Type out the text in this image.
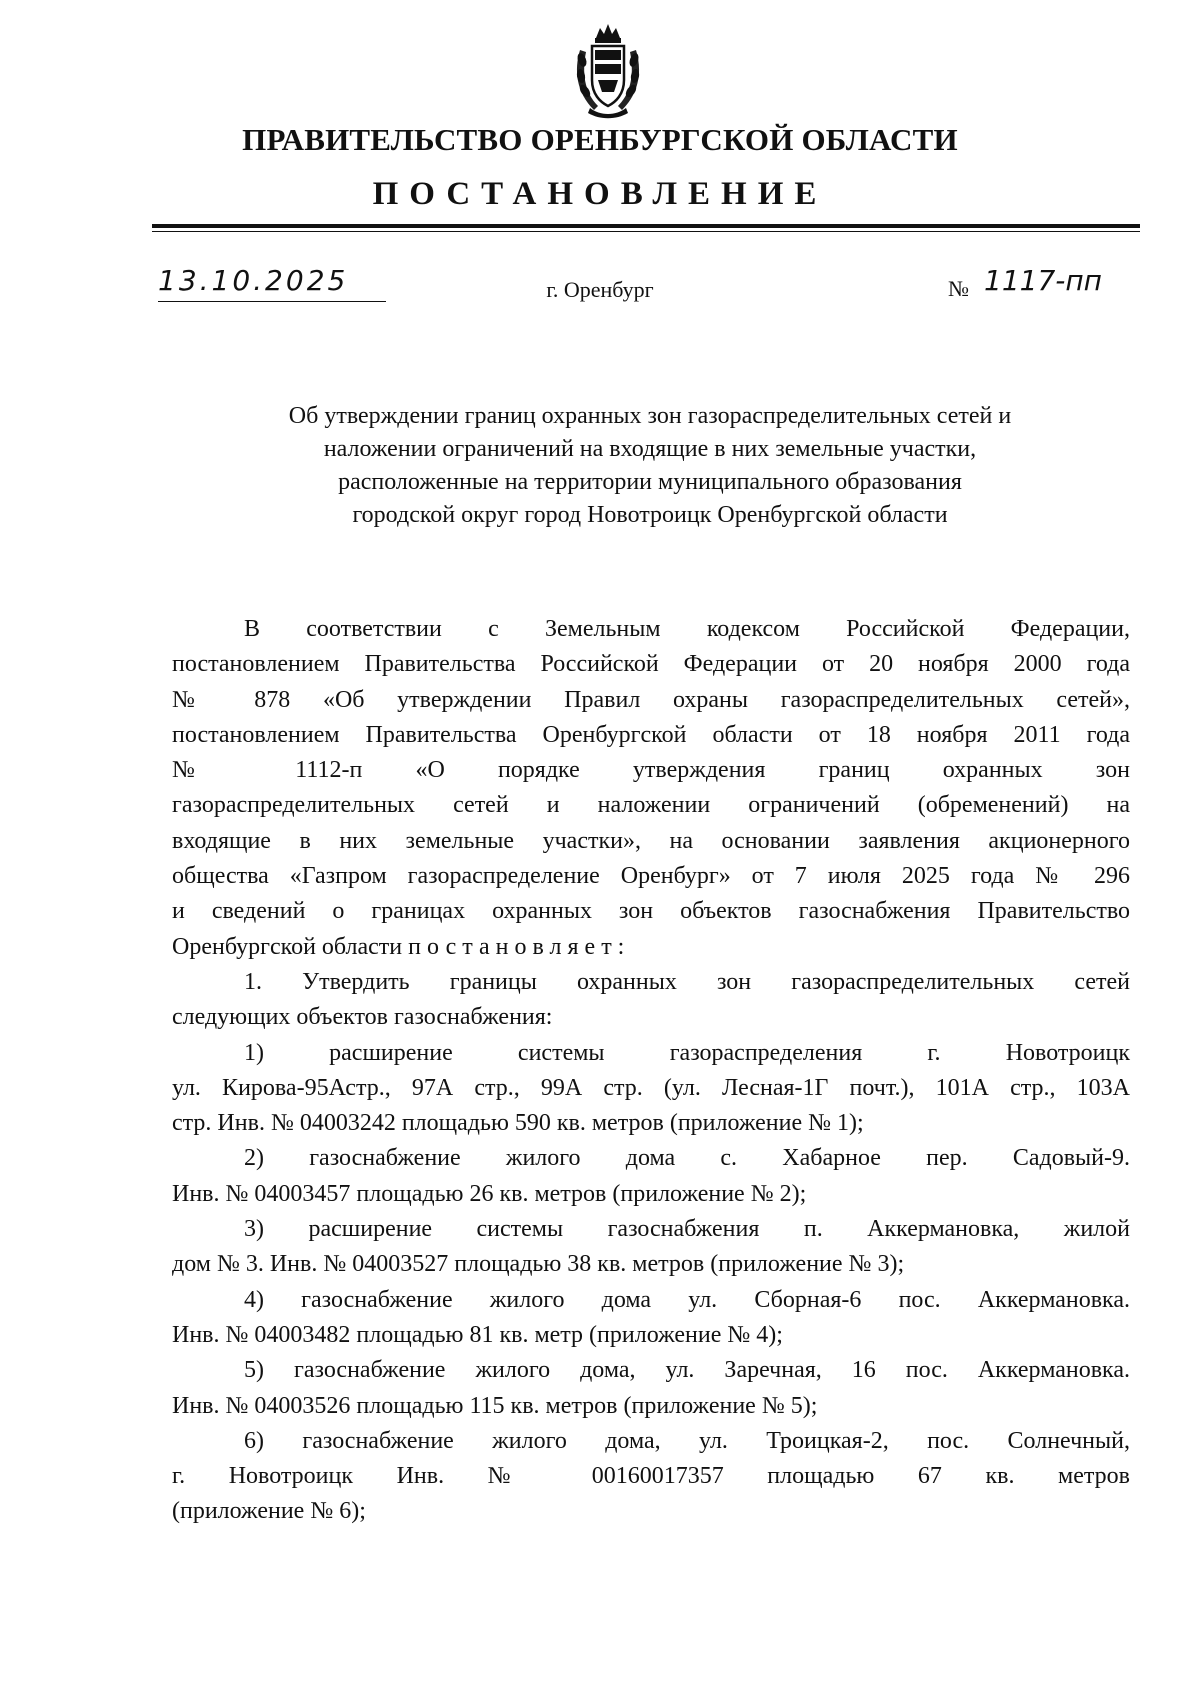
ПРАВИТЕЛЬСТВО ОРЕНБУРГСКОЙ ОБЛАСТИ
ПОСТАНОВЛЕНИЕ
13.10.2025	г. Оренбург	№ 1117-пп
Об утверждении границ охранных зон газораспределительных сетей и
наложении ограничений на входящие в них земельные участки,
расположенные на территории муниципального образования
городской округ город Новотроицк Оренбургской области
В соответствии с Земельным кодексом Российской Федерации,
постановлением Правительства Российской Федерации от 20 ноября 2000 года
№ 878 «Об утверждении Правил охраны газораспределительных сетей»,
постановлением Правительства Оренбургской области от 18 ноября 2011 года
№ 1112-п «О порядке утверждения границ охранных зон
газораспределительных сетей и наложении ограничений (обременений) на
входящие в них земельные участки», на основании заявления акционерного
общества «Газпром газораспределение Оренбург» от 7 июля 2025 года № 296
и сведений о границах охранных зон объектов газоснабжения Правительство
Оренбургской области постановляет:
1. Утвердить границы охранных зон газораспределительных сетей
следующих объектов газоснабжения:
1) расширение системы газораспределения г. Новотроицк
ул. Кирова-95Астр., 97А стр., 99А стр. (ул. Лесная-1Г почт.), 101А стр., 103А
стр. Инв. № 04003242 площадью 590 кв. метров (приложение № 1);
2) газоснабжение жилого дома с. Хабарное пер. Садовый-9.
Инв. № 04003457 площадью 26 кв. метров (приложение № 2);
3) расширение системы газоснабжения п. Аккермановка, жилой
дом № 3. Инв. № 04003527 площадью 38 кв. метров (приложение № 3);
4) газоснабжение жилого дома ул. Сборная-6 пос. Аккермановка.
Инв. № 04003482 площадью 81 кв. метр (приложение № 4);
5) газоснабжение жилого дома, ул. Заречная, 16 пос. Аккермановка.
Инв. № 04003526 площадью 115 кв. метров (приложение № 5);
6) газоснабжение жилого дома, ул. Троицкая-2, пос. Солнечный,
г. Новотроицк Инв. № 00160017357 площадью 67 кв. метров
(приложение № 6);
